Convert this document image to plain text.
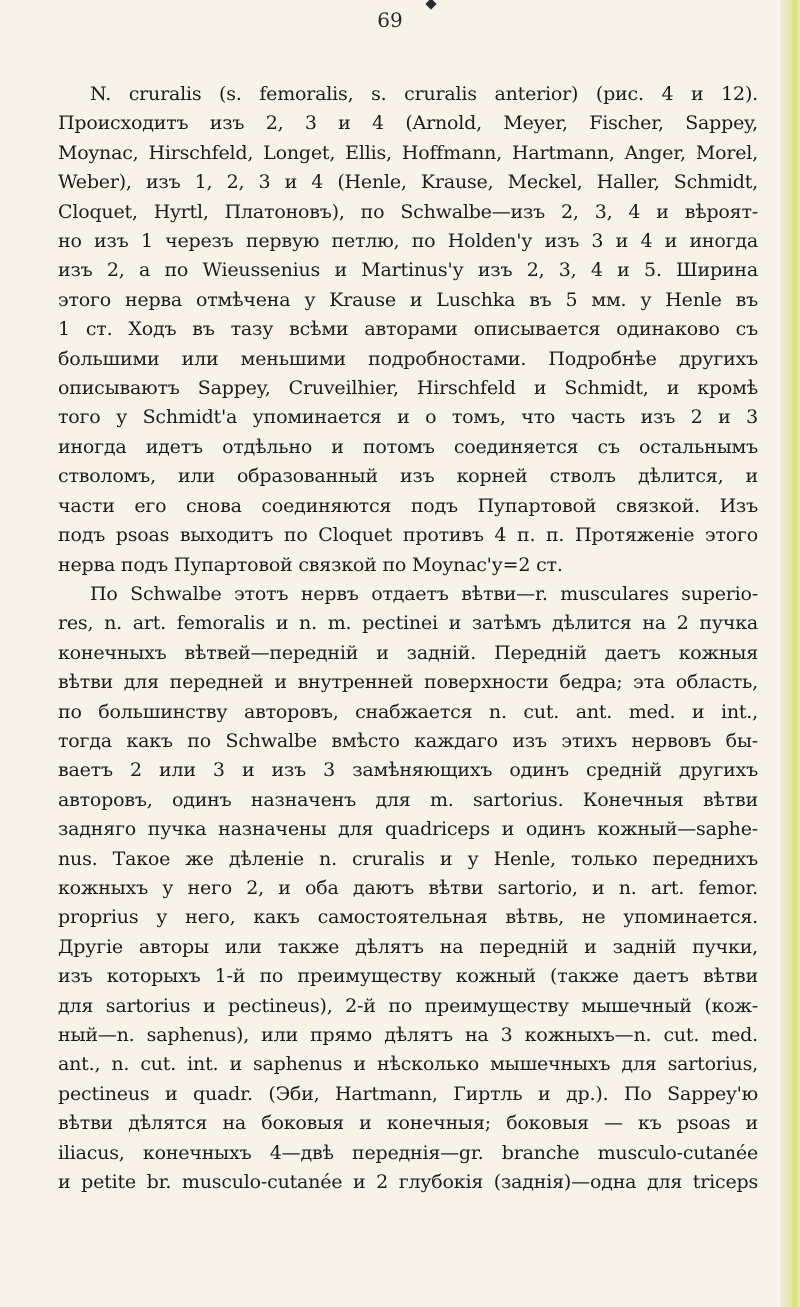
69
N. cruralis (s. femoralis, s. cruralis anterior) (рис. 4 и 12).
Происходитъ изъ 2, 3 и 4 (Arnold, Meyer, Fischer, Sappey,
Moynac, Hirschfeld, Longet, Ellis, Hoffmann, Hartmann, Anger, Morel,
Weber), изъ 1, 2, 3 и 4 (Henle, Krause, Meckel, Haller, Schmidt,
Cloquet, Hyrtl, Платоновъ), по Schwalbe—изъ 2, 3, 4 и вѣроят-
но изъ 1 черезъ первую петлю, по Holden'у изъ 3 и 4 и иногда
изъ 2, а по Wieussenius и Martinus'у изъ 2, 3, 4 и 5. Ширина
этого нерва отмѣчена у Krause и Luschka въ 5 мм. у Henle въ
1 ст. Ходъ въ тазу всѣми авторами описывается одинаково съ
большими или меньшими подробностами. Подробнѣе другихъ
описываютъ Sappey, Cruveilhier, Hirschfeld и Schmidt, и кромѣ
того у Schmidt'а упоминается и о томъ, что часть изъ 2 и 3
иногда идетъ отдѣльно и потомъ соединяется съ остальнымъ
стволомъ, или образованный изъ корней стволъ дѣлится, и
части его снова соединяются подъ Пупартовой связкой. Изъ
подъ psoas выходитъ по Cloquet противъ 4 п. п. Протяженіе этого
нерва подъ Пупартовой связкой по Moynac'у=2 ст.
По Schwalbe этотъ нервъ отдаетъ вѣтви—r. musculares superio-
res, n. art. femoralis и n. m. pectinei и затѣмъ дѣлится на 2 пучка
конечныхъ вѣтвей—передній и задній. Передній даетъ кожныя
вѣтви для передней и внутренней поверхности бедра; эта область,
по большинству авторовъ, снабжается n. cut. ant. med. и int.,
тогда какъ по Schwalbe вмѣсто каждаго изъ этихъ нервовъ бы-
ваетъ 2 или 3 и изъ 3 замѣняющихъ одинъ средній другихъ
авторовъ, одинъ назначенъ для m. sartorius. Конечныя вѣтви
задняго пучка назначены для quadriceps и одинъ кожный—saphe-
nus. Такое же дѣленіе n. cruralis и у Henle, только переднихъ
кожныхъ у него 2, и оба даютъ вѣтви sartorio, и n. art. femor.
proprius у него, какъ самостоятельная вѣтвь, не упоминается.
Другіе авторы или также дѣлятъ на передній и задній пучки,
изъ которыхъ 1-й по преимуществу кожный (также даетъ вѣтви
для sartorius и pectineus), 2-й по преимуществу мышечный (кож-
ный—n. saphenus), или прямо дѣлятъ на 3 кожныхъ—n. cut. med.
ant., n. cut. int. и saphenus и нѣсколько мышечныхъ для sartorius,
pectineus и quadr. (Эби, Hartmann, Гиртль и др.). По Sappey'ю
вѣтви дѣлятся на боковыя и конечныя; боковыя — къ psoas и
iliacus, конечныхъ 4—двѣ переднія—gr. branche musculo-cutanée
и petite br. musculo-cutanée и 2 глубокія (заднія)—одна для triceps
